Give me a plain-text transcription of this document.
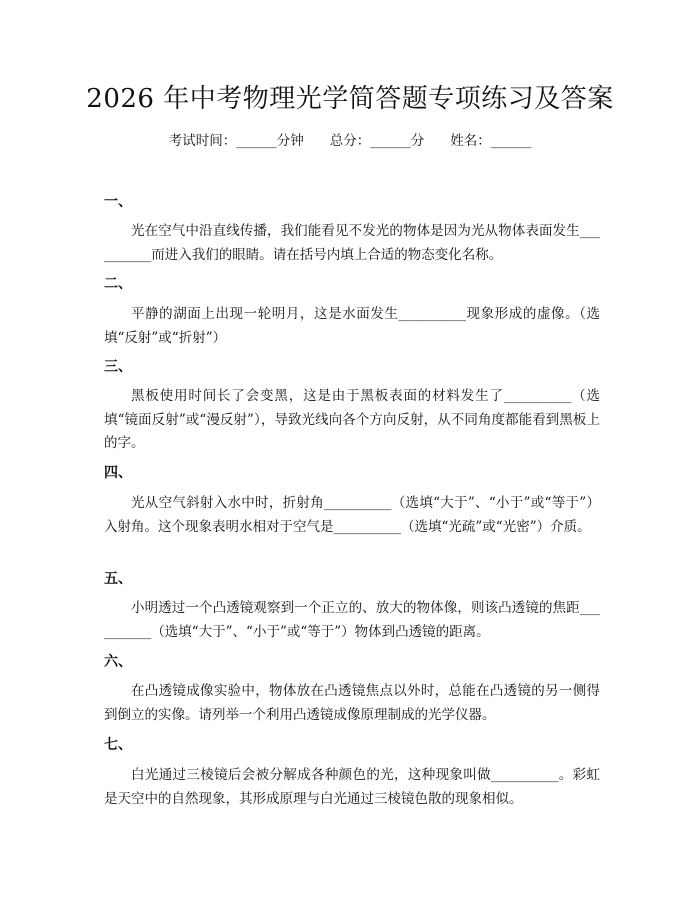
2026 年中考物理光学简答题专项练习及答案
考试时间：______分钟 总分：______分 姓名：______
一、
光在空气中沿直线传播，我们能看见不发光的物体是因为光从物体表面发生__________而进入我们的眼睛。请在括号内填上合适的物态变化名称。
二、
平静的湖面上出现一轮明月，这是水面发生__________现象形成的虚像。（选填“反射”或“折射”）
三、
黑板使用时间长了会变黑，这是由于黑板表面的材料发生了__________（选填“镜面反射”或“漫反射”），导致光线向各个方向反射，从不同角度都能看到黑板上的字。
四、
光从空气斜射入水中时，折射角__________（选填“大于”、“小于”或“等于”）入射角。这个现象表明水相对于空气是__________（选填“光疏”或“光密”）介质。
五、
小明透过一个凸透镜观察到一个正立的、放大的物体像，则该凸透镜的焦距__________（选填“大于”、“小于”或“等于”）物体到凸透镜的距离。
六、
在凸透镜成像实验中，物体放在凸透镜焦点以外时，总能在凸透镜的另一侧得到倒立的实像。请列举一个利用凸透镜成像原理制成的光学仪器。
七、
白光通过三棱镜后会被分解成各种颜色的光，这种现象叫做__________。彩虹是天空中的自然现象，其形成原理与白光通过三棱镜色散的现象相似。
